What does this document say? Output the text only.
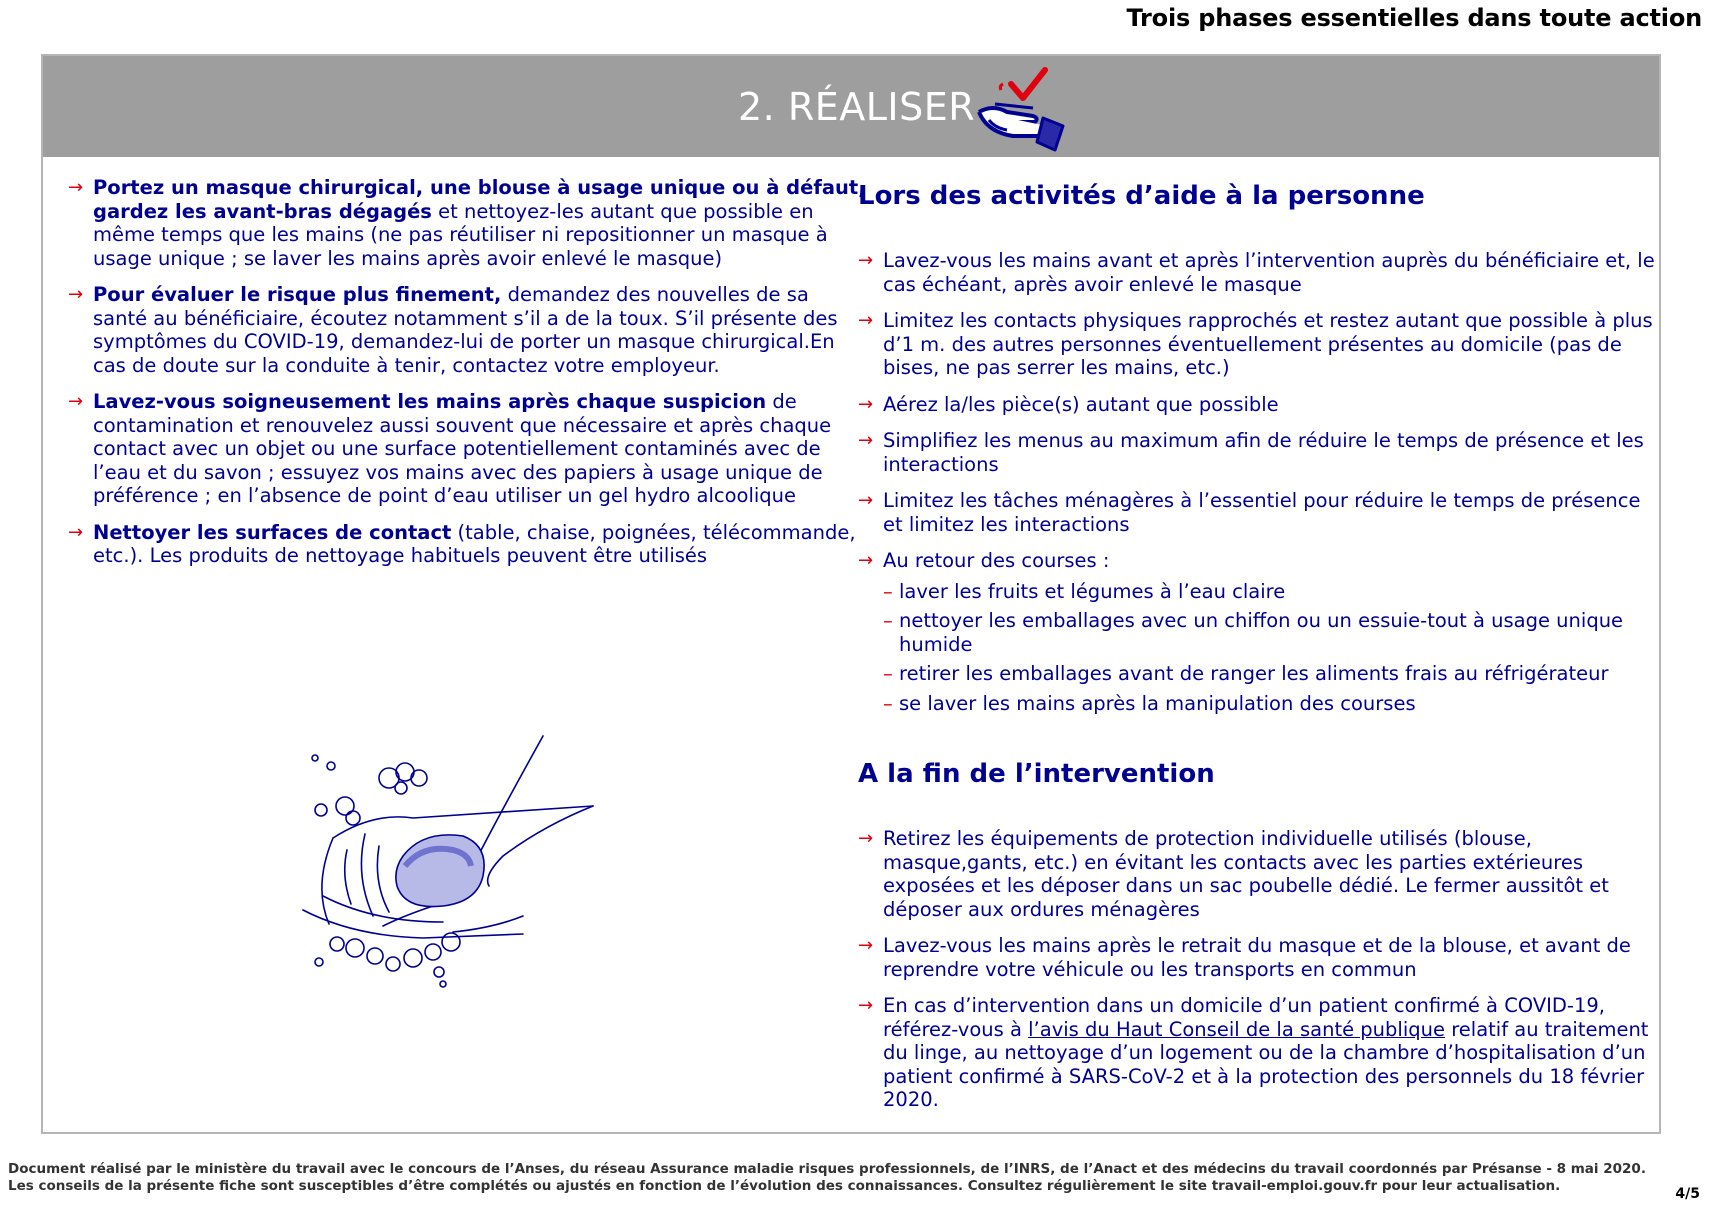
Trois phases essentielles dans toute action
2. RÉALISER
→ Portez un masque chirurgical, une blouse à usage unique ou à défaut, gardez les avant-bras dégagés et nettoyez-les autant que possible en même temps que les mains (ne pas réutiliser ni repositionner un masque à usage unique ; se laver les mains après avoir enlevé le masque)
→ Pour évaluer le risque plus finement, demandez des nouvelles de sa santé au bénéficiaire, écoutez notamment s’il a de la toux. S’il présente des symptômes du COVID-19, demandez-lui de porter un masque chirurgical.En cas de doute sur la conduite à tenir, contactez votre employeur.
→ Lavez-vous soigneusement les mains après chaque suspicion de contamination et renouvelez aussi souvent que nécessaire et après chaque contact avec un objet ou une surface potentiellement contaminés avec de l’eau et du savon ; essuyez vos mains avec des papiers à usage unique de préférence ; en l’absence de point d’eau utiliser un gel hydro alcoolique
→ Nettoyer les surfaces de contact (table, chaise, poignées, télécommande, etc.). Les produits de nettoyage habituels peuvent être utilisés
Lors des activités d’aide à la personne
→ Lavez-vous les mains avant et après l’intervention auprès du bénéficiaire et, le cas échéant, après avoir enlevé le masque
→ Limitez les contacts physiques rapprochés et restez autant que possible à plus d’1 m. des autres personnes éventuellement présentes au domicile (pas de bises, ne pas serrer les mains, etc.)
→ Aérez la/les pièce(s) autant que possible
→ Simplifiez les menus au maximum afin de réduire le temps de présence et les interactions
→ Limitez les tâches ménagères à l’essentiel pour réduire le temps de présence et limitez les interactions
→ Au retour des courses :
– laver les fruits et légumes à l’eau claire
– nettoyer les emballages avec un chiffon ou un essuie-tout à usage unique humide
– retirer les emballages avant de ranger les aliments frais au réfrigérateur
– se laver les mains après la manipulation des courses
A la fin de l’intervention
→ Retirez les équipements de protection individuelle utilisés (blouse, masque,gants, etc.) en évitant les contacts avec les parties extérieures exposées et les déposer dans un sac poubelle dédié. Le fermer aussitôt et déposer aux ordures ménagères
→ Lavez-vous les mains après le retrait du masque et de la blouse, et avant de reprendre votre véhicule ou les transports en commun
→ En cas d’intervention dans un domicile d’un patient confirmé à COVID-19, référez-vous à l’avis du Haut Conseil de la santé publique relatif au traitement du linge, au nettoyage d’un logement ou de la chambre d’hospitalisation d’un patient confirmé à SARS-CoV-2 et à la protection des personnels du 18 février 2020.
Document réalisé par le ministère du travail avec le concours de l’Anses, du réseau Assurance maladie risques professionnels, de l’INRS, de l’Anact et des médecins du travail coordonnés par Présanse - 8 mai 2020.
Les conseils de la présente fiche sont susceptibles d’être complétés ou ajustés en fonction de l’évolution des connaissances. Consultez régulièrement le site travail-emploi.gouv.fr pour leur actualisation.	4/5
